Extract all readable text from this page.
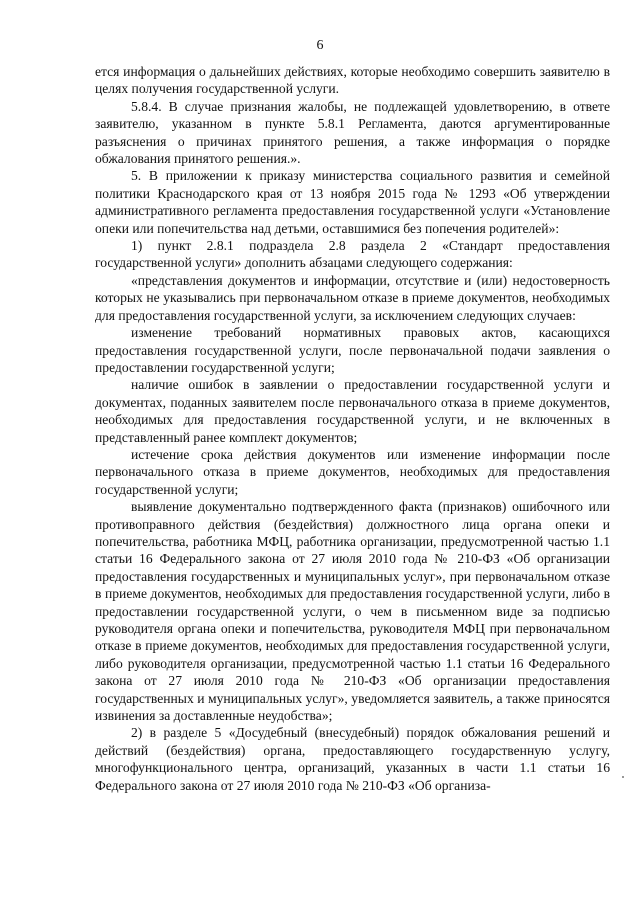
6

ется информация о дальнейших действиях, которые необходимо совершить заявителю в целях получения государственной услуги.

5.8.4. В случае признания жалобы, не подлежащей удовлетворению, в ответе заявителю, указанном в пункте 5.8.1 Регламента, даются аргументированные разъяснения о причинах принятого решения, а также информация о порядке обжалования принятого решения.».

5. В приложении к приказу министерства социального развития и семейной политики Краснодарского края от 13 ноября 2015 года № 1293 «Об утверждении административного регламента предоставления государственной услуги «Установление опеки или попечительства над детьми, оставшимися без попечения родителей»:

1) пункт 2.8.1 подраздела 2.8 раздела 2 «Стандарт предоставления государственной услуги» дополнить абзацами следующего содержания:

«представления документов и информации, отсутствие и (или) недостоверность которых не указывались при первоначальном отказе в приеме документов, необходимых для предоставления государственной услуги, за исключением следующих случаев:

изменение требований нормативных правовых актов, касающихся предоставления государственной услуги, после первоначальной подачи заявления о предоставлении государственной услуги;

наличие ошибок в заявлении о предоставлении государственной услуги и документах, поданных заявителем после первоначального отказа в приеме документов, необходимых для предоставления государственной услуги, и не включенных в представленный ранее комплект документов;

истечение срока действия документов или изменение информации после первоначального отказа в приеме документов, необходимых для предоставления государственной услуги;

выявление документально подтвержденного факта (признаков) ошибочного или противоправного действия (бездействия) должностного лица органа опеки и попечительства, работника МФЦ, работника организации, предусмотренной частью 1.1 статьи 16 Федерального закона от 27 июля 2010 года № 210-ФЗ «Об организации предоставления государственных и муниципальных услуг», при первоначальном отказе в приеме документов, необходимых для предоставления государственной услуги, либо в предоставлении государственной услуги, о чем в письменном виде за подписью руководителя органа опеки и попечительства, руководителя МФЦ при первоначальном отказе в приеме документов, необходимых для предоставления государственной услуги, либо руководителя организации, предусмотренной частью 1.1 статьи 16 Федерального закона от 27 июля 2010 года № 210-ФЗ «Об организации предоставления государственных и муниципальных услуг», уведомляется заявитель, а также приносятся извинения за доставленные неудобства»;

2) в разделе 5 «Досудебный (внесудебный) порядок обжалования решений и действий (бездействия) органа, предоставляющего государственную услугу, многофункционального центра, организаций, указанных в части 1.1 статьи 16 Федерального закона от 27 июля 2010 года № 210-ФЗ «Об организа-
